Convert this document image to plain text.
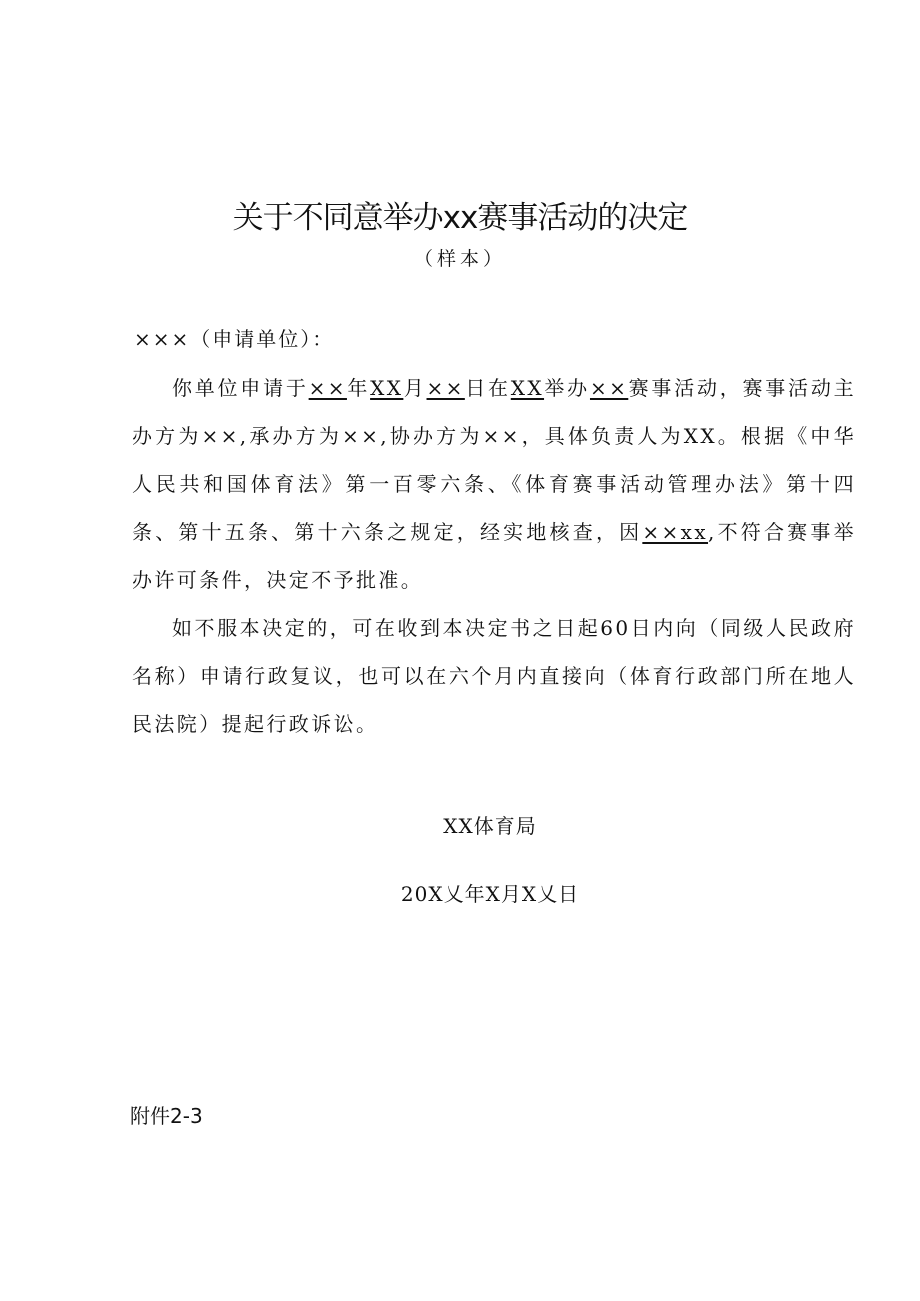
关于不同意举办xx赛事活动的决定
（样本）
×××（申请单位）：

你单位申请于××年XX月××日在XX举办××赛事活动，赛事活动主办方为××,承办方为××,协办方为××，具体负责人为XX。根据《中华人民共和国体育法》第一百零六条、《体育赛事活动管理办法》第十四条、第十五条、第十六条之规定，经实地核查，因××xx,不符合赛事举办许可条件，决定不予批准。

如不服本决定的，可在收到本决定书之日起60日内向（同级人民政府名称）申请行政复议，也可以在六个月内直接向（体育行政部门所在地人民法院）提起行政诉讼。

XX体育局
20X乂年X月X乂日
附件2-3
